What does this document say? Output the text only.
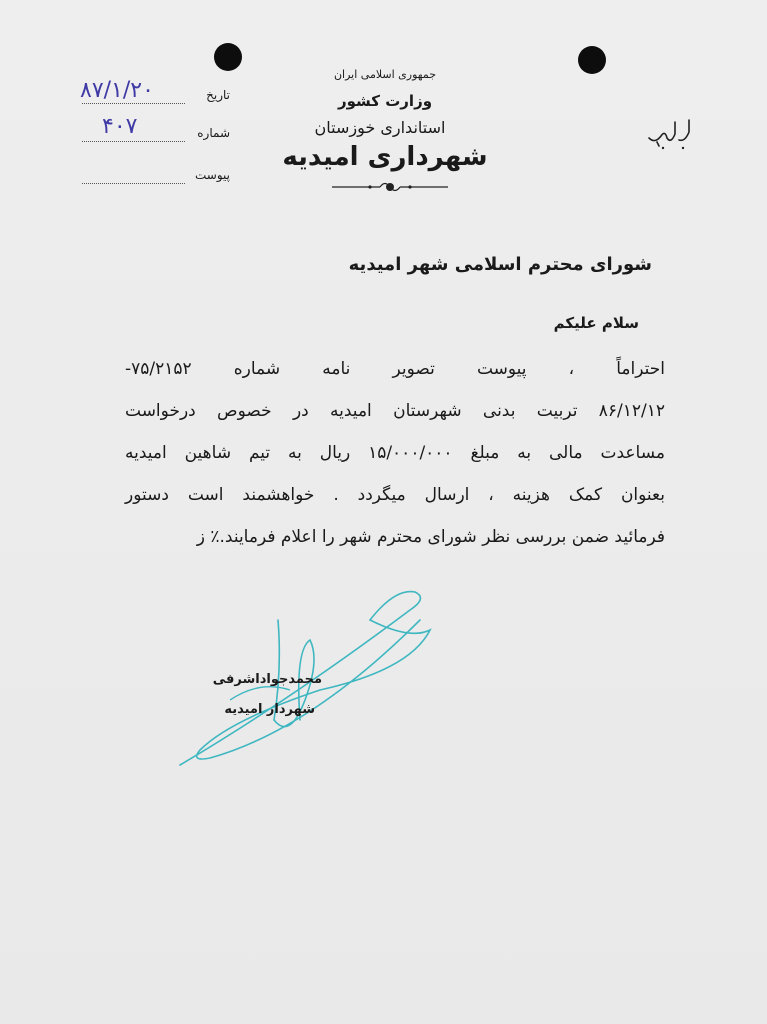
جمهوری اسلامی ایران
وزارت کشور
استانداری خوزستان
شهرداری امیدیه
تاریخ
۸۷/۱/۲۰
شماره
۴۰۷
پیوست
شورای محترم اسلامی شهر امیدیه
سلام علیکم
احتراماً ، پیوست تصویر نامه شماره ۷۵/۲۱۵۲-
۸۶/۱۲/۱۲ تربیت بدنی شهرستان امیدیه در خصوص درخواست
مساعدت مالی به مبلغ ۱۵/۰۰۰/۰۰۰ ریال به تیم شاهین امیدیه
بعنوان کمک هزینه ، ارسال میگردد . خواهشمند است دستور
فرمائید ضمن بررسی نظر شورای محترم شهر را اعلام فرمایند.٪ ز
محمدجواداشرفی
شهردار امیدیه
